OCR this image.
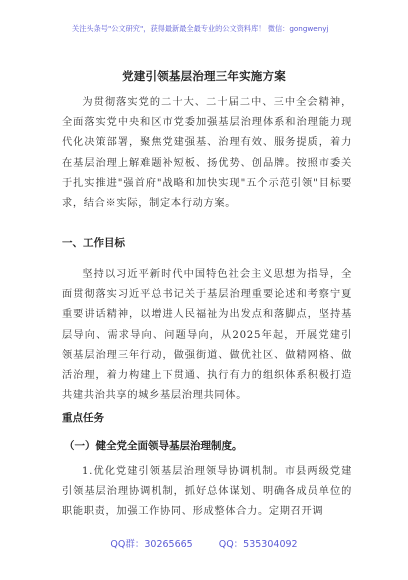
关注头条号"公文研究"，获得最新最全最专业的公文资料库！ 微信：gongwenyj
党建引领基层治理三年实施方案
为贯彻落实党的二十大、二十届二中、三中全会精神，全面落实党中央和区市党委加强基层治理体系和治理能力现代化决策部署，聚焦党建强基、治理有效、服务提质，着力在基层治理上解难题补短板、扬优势、创品牌。按照市委关于扎实推进"强首府"战略和加快实现"五个示范引领"目标要求，结合※实际，制定本行动方案。
一、工作目标
坚持以习近平新时代中国特色社会主义思想为指导，全面贯彻落实习近平总书记关于基层治理重要论述和考察宁夏重要讲话精神，以增进人民福祉为出发点和落脚点，坚持基层导向、需求导向、问题导向，从2025年起，开展党建引领基层治理三年行动，做强街道、做优社区、做精网格、做活治理，着力构建上下贯通、执行有力的组织体系积极打造共建共治共享的城乡基层治理共同体。
重点任务
（一）健全党全面领导基层治理制度。
1.优化党建引领基层治理领导协调机制。市县两级党建引领基层治理协调机制，抓好总体谋划、明确各成员单位的职能职责，加强工作协同、形成整体合力。定期召开调
QQ群：30265665	QQ：535304092
